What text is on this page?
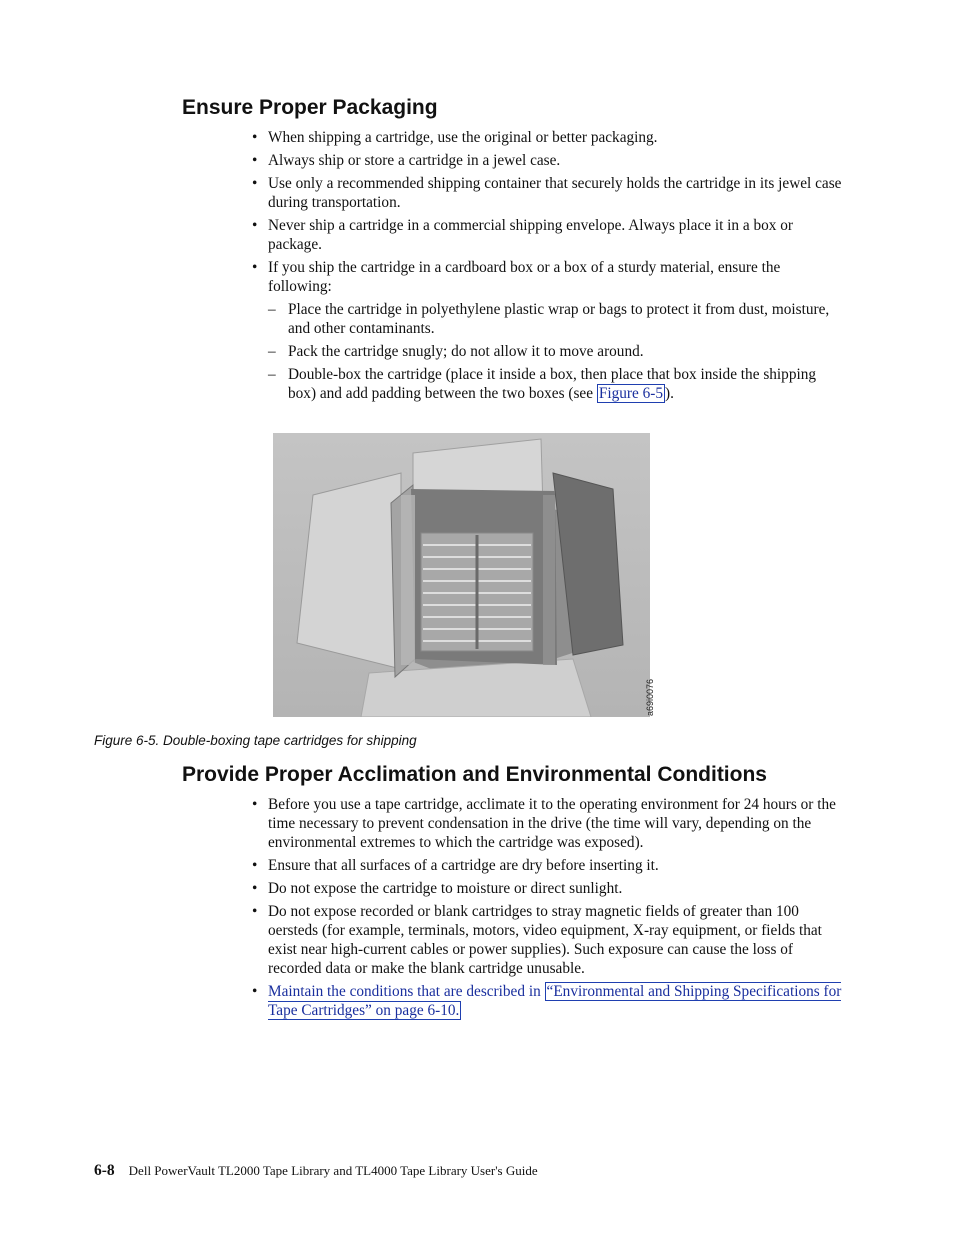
Ensure Proper Packaging
• When shipping a cartridge, use the original or better packaging.
• Always ship or store a cartridge in a jewel case.
• Use only a recommended shipping container that securely holds the cartridge in its jewel case during transportation.
• Never ship a cartridge in a commercial shipping envelope. Always place it in a box or package.
• If you ship the cartridge in a cardboard box or a box of a sturdy material, ensure the following:
– Place the cartridge in polyethylene plastic wrap or bags to protect it from dust, moisture, and other contaminants.
– Pack the cartridge snugly; do not allow it to move around.
– Double-box the cartridge (place it inside a box, then place that box inside the shipping box) and add padding between the two boxes (see Figure 6-5 ).
a69i0076
Figure 6-5. Double-boxing tape cartridges for shipping
Provide Proper Acclimation and Environmental Conditions
• Before you use a tape cartridge, acclimate it to the operating environment for 24 hours or the time necessary to prevent condensation in the drive (the time will vary, depending on the environmental extremes to which the cartridge was exposed).
• Ensure that all surfaces of a cartridge are dry before inserting it.
• Do not expose the cartridge to moisture or direct sunlight.
• Do not expose recorded or blank cartridges to stray magnetic fields of greater than 100 oersteds (for example, terminals, motors, video equipment, X-ray equipment, or fields that exist near high-current cables or power supplies). Such exposure can cause the loss of recorded data or make the blank cartridge unusable.
• Maintain the conditions that are described in “Environmental and Shipping Specifications for Tape Cartridges” on page 6-10.
6-8 Dell PowerVault TL2000 Tape Library and TL4000 Tape Library User's Guide
